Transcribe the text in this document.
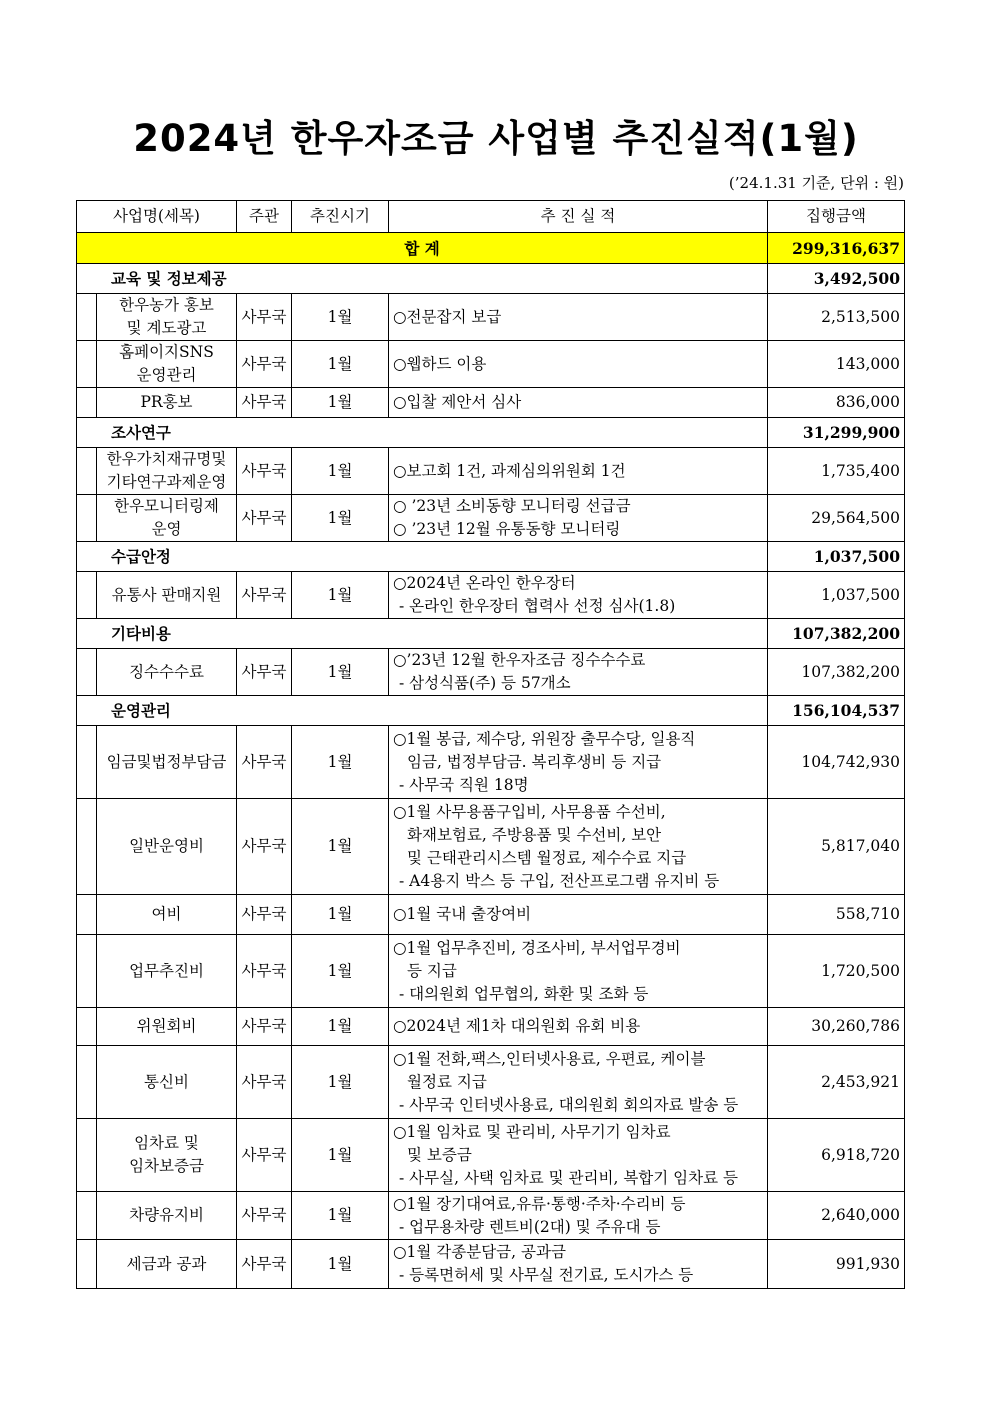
2024년 한우자조금 사업별 추진실적(1월)
(’24.1.31 기준, 단위 : 원)
사업명(세목)		주관	추진시기	추 진 실 적	집행금액
합 계					299,316,637
교육 및 정보제공					3,492,500

	한우농가 홍보
및 계도광고	사무국	1월	○전문잡지 보급	2,513,500

	홈페이지SNS
운영관리	사무국	1월	○웹하드 이용	143,000

	PR홍보	사무국	1월	○입찰 제안서 심사	836,000
조사연구					31,299,900

	한우가치재규명및
기타연구과제운영	사무국	1월	○보고회 1건, 과제심의위원회 1건	1,735,400

	한우모니터링제
운영	사무국	1월	○ ’23년 소비동향 모니터링 선급금
○ ’23년 12월 유통동향 모니터링	29,564,500
수급안정					1,037,500

	유통사 판매지원	사무국	1월	○2024년 온라인 한우장터
- 온라인 한우장터 협력사 선정 심사(1.8)	1,037,500
기타비용					107,382,200

	징수수수료	사무국	1월	○’23년 12월 한우자조금 징수수수료
- 삼성식품(주) 등 57개소	107,382,200
운영관리					156,104,537

	임금및법정부담금	사무국	1월	○1월 봉급, 제수당, 위원장 출무수당, 일용직
임금, 법정부담금. 복리후생비 등 지급
- 사무국 직원 18명	104,742,930

	일반운영비	사무국	1월	○1월 사무용품구입비, 사무용품 수선비,
화재보험료, 주방용품 및 수선비, 보안
및 근태관리시스템 월정료, 제수수료 지급
- A4용지 박스 등 구입, 전산프로그램 유지비 등	5,817,040

	여비	사무국	1월	○1월 국내 출장여비	558,710

	업무추진비	사무국	1월	○1월 업무추진비, 경조사비, 부서업무경비
등 지급
- 대의원회 업무협의, 화환 및 조화 등	1,720,500

	위원회비	사무국	1월	○2024년 제1차 대의원회 유회 비용	30,260,786

	통신비	사무국	1월	○1월 전화,팩스,인터넷사용료, 우편료, 케이블
월정료 지급
- 사무국 인터넷사용료, 대의원회 회의자료 발송 등	2,453,921

	임차료 및
임차보증금	사무국	1월	○1월 임차료 및 관리비, 사무기기 임차료
및 보증금
- 사무실, 사택 임차료 및 관리비, 복합기 임차료 등	6,918,720

	차량유지비	사무국	1월	○1월 장기대여료,유류·통행·주차·수리비 등
- 업무용차량 렌트비(2대) 및 주유대 등	2,640,000

	세금과 공과	사무국	1월	○1월 각종분담금, 공과금
- 등록면허세 및 사무실 전기료, 도시가스 등	991,930
